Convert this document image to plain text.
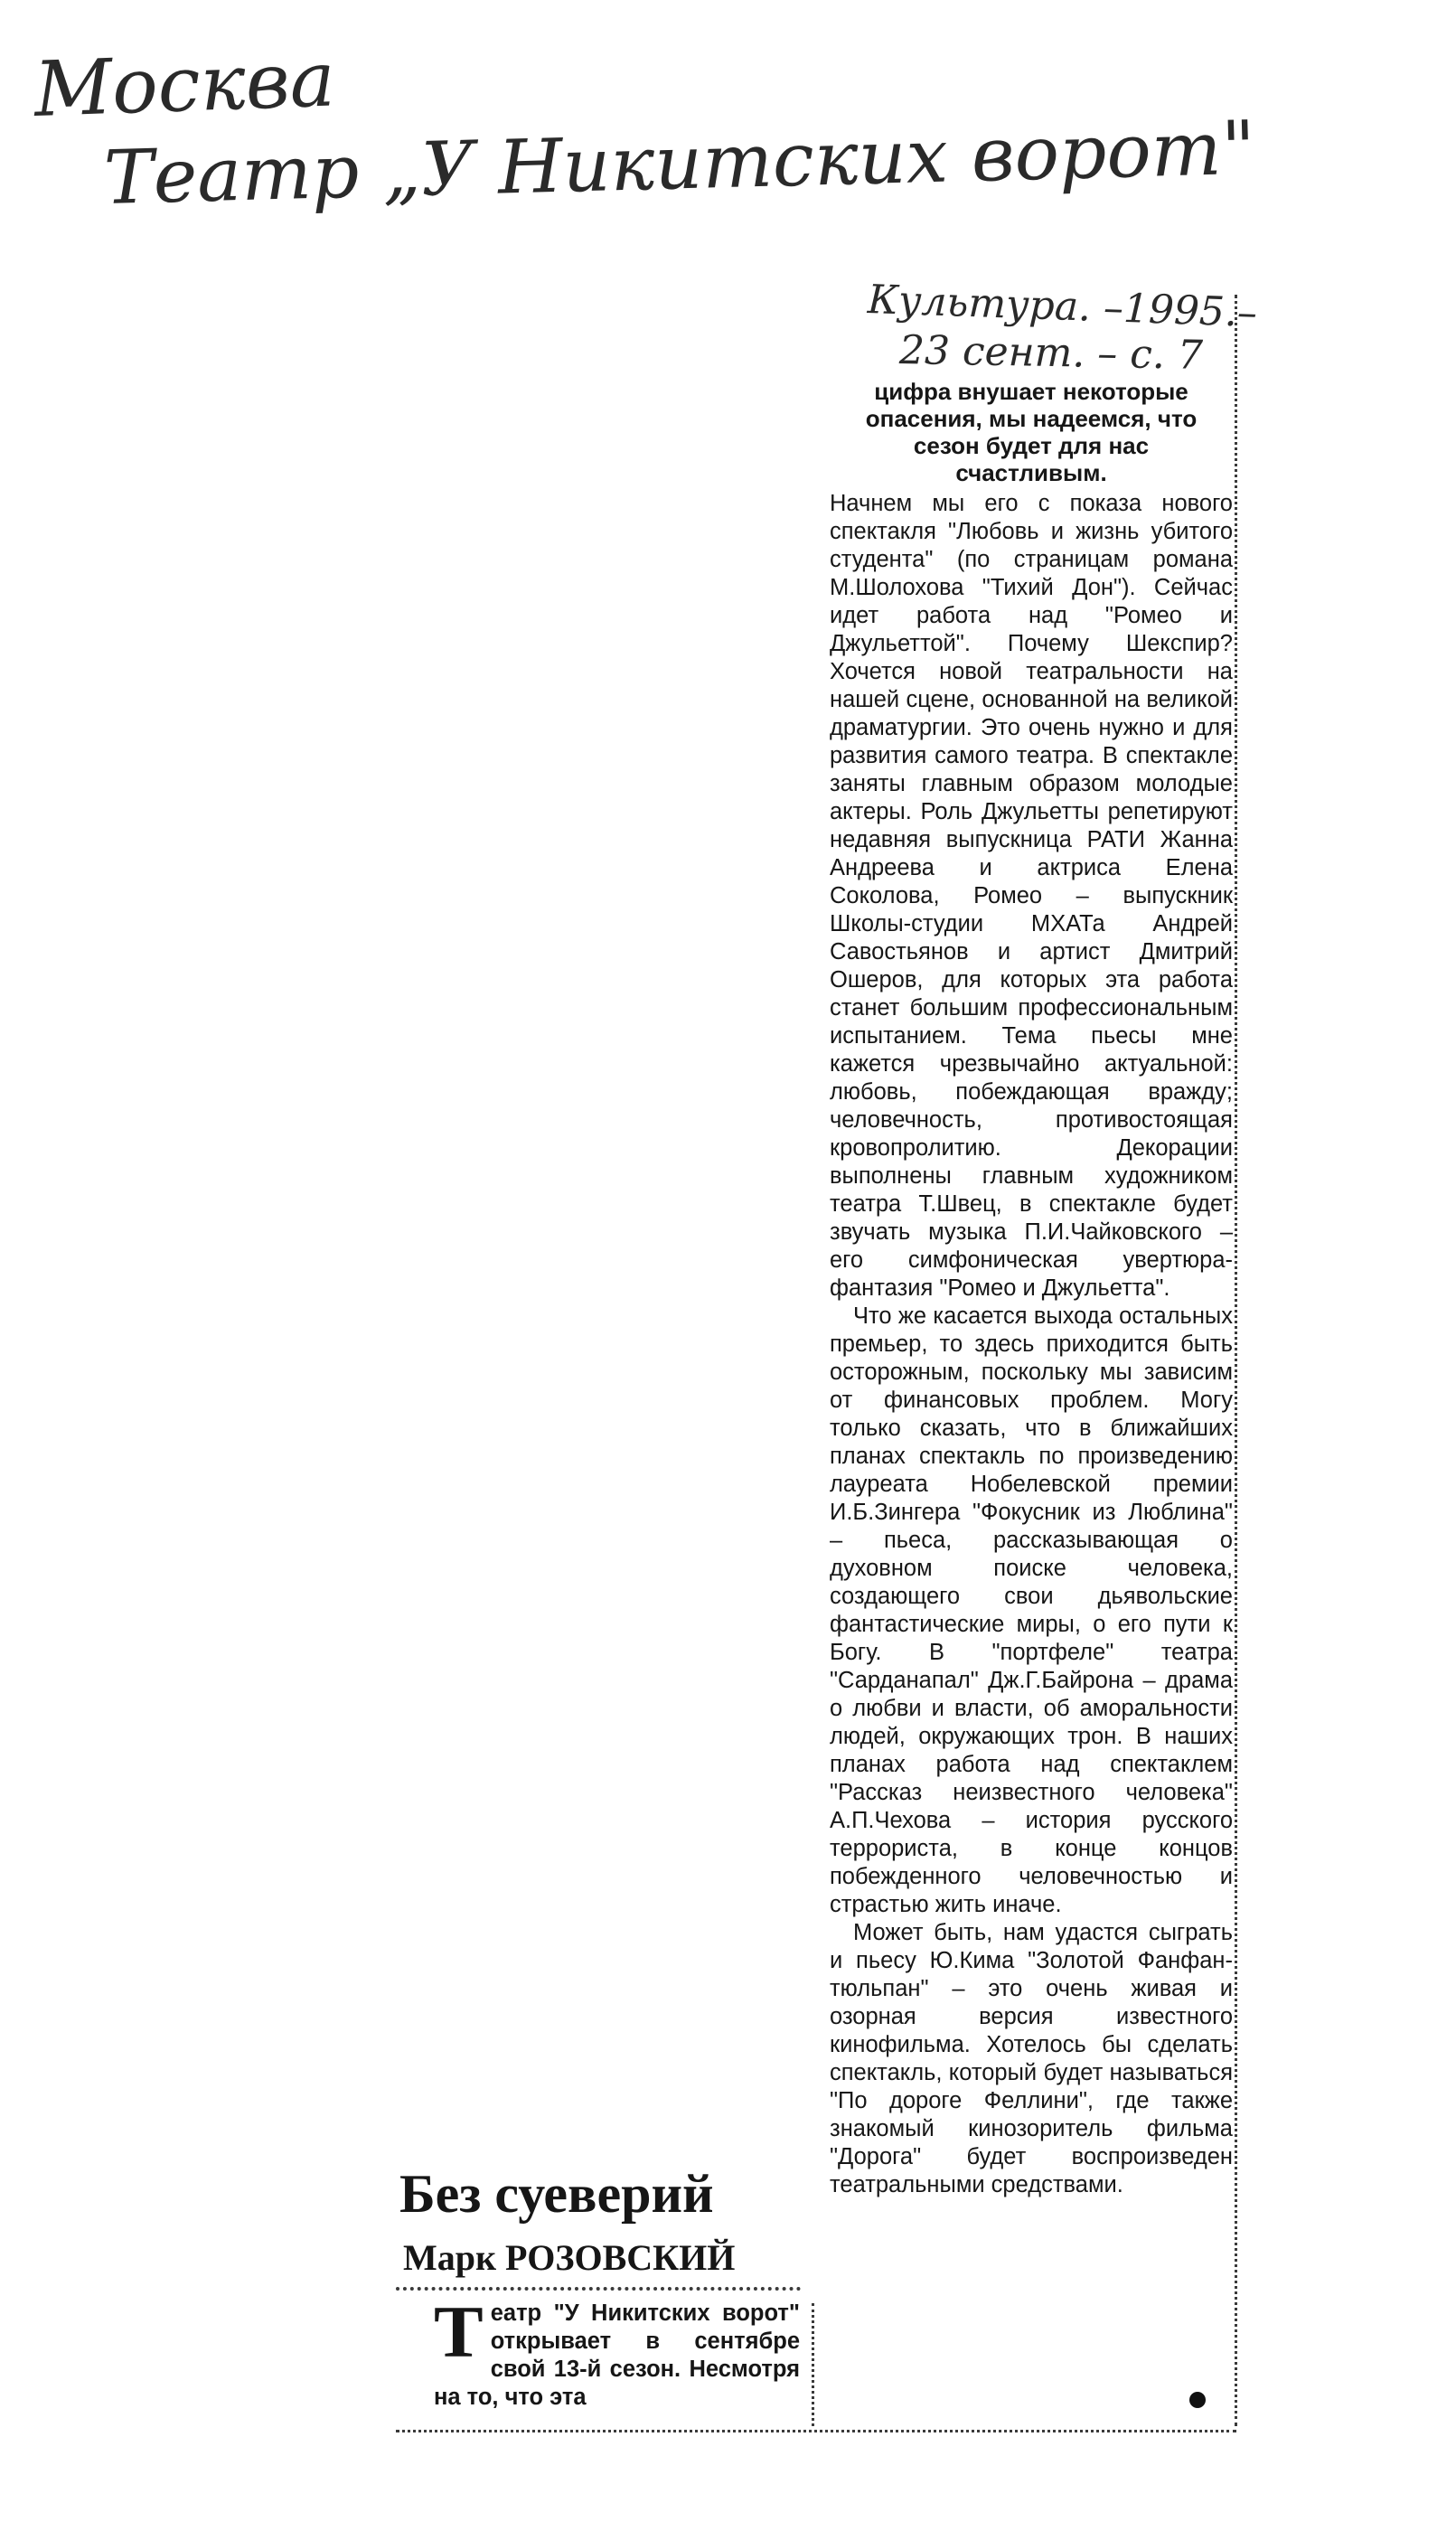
Москва
Театр „У Никитских ворот"
Культура. –1995.–
23 сент. – с. 7

цифра внушает некоторые опасения, мы надеемся, что сезон будет для нас счастливым.

Начнем мы его с показа нового спектакля "Любовь и жизнь убитого студента" (по страницам романа М.Шолохова "Тихий Дон"). Сейчас идет работа над "Ромео и Джульеттой". Почему Шекспир? Хочется новой театральности на нашей сцене, основанной на великой драматургии. Это очень нужно и для развития самого театра. В спектакле заняты главным образом молодые актеры. Роль Джульетты репетируют недавняя выпускница РАТИ Жанна Андреева и актриса Елена Соколова, Ромео – выпускник Школы-студии МХАТа Андрей Савостьянов и артист Дмитрий Ошеров, для которых эта работа станет большим профессиональным испытанием. Тема пьесы мне кажется чрезвычайно актуальной: любовь, побеждающая вражду; человечность, противостоящая кровопролитию. Декорации выполнены главным художником театра Т.Швец, в спектакле будет звучать музыка П.И.Чайковского – его симфоническая увертюра-фантазия "Ромео и Джульетта".

Что же касается выхода остальных премьер, то здесь приходится быть осторожным, поскольку мы зависим от финансовых проблем. Могу только сказать, что в ближайших планах спектакль по произведению лауреата Нобелевской премии И.Б.Зингера "Фокусник из Люблина" – пьеса, рассказывающая о духовном поиске человека, создающего свои дьявольские фантастические миры, о его пути к Богу. В "портфеле" театра "Сарданапал" Дж.Г.Байрона – драма о любви и власти, об аморальности людей, окружающих трон. В наших планах работа над спектаклем "Рассказ неизвестного человека" А.П.Чехова – история русского террориста, в конце концов побежденного человечностью и страстью жить иначе.

Может быть, нам удастся сыграть и пьесу Ю.Кима "Золотой Фанфан-тюльпан" – это очень живая и озорная версия известного кинофильма. Хотелось бы сделать спектакль, который будет называться "По дороге Феллини", где также знакомый кинозоритель фильма "Дорога" будет воспроизведен театральными средствами.

Без суеверий
Марк РОЗОВСКИЙ

Театр "У Никитских ворот" открывает в сентябре свой 13-й сезон. Несмотря на то, что эта
